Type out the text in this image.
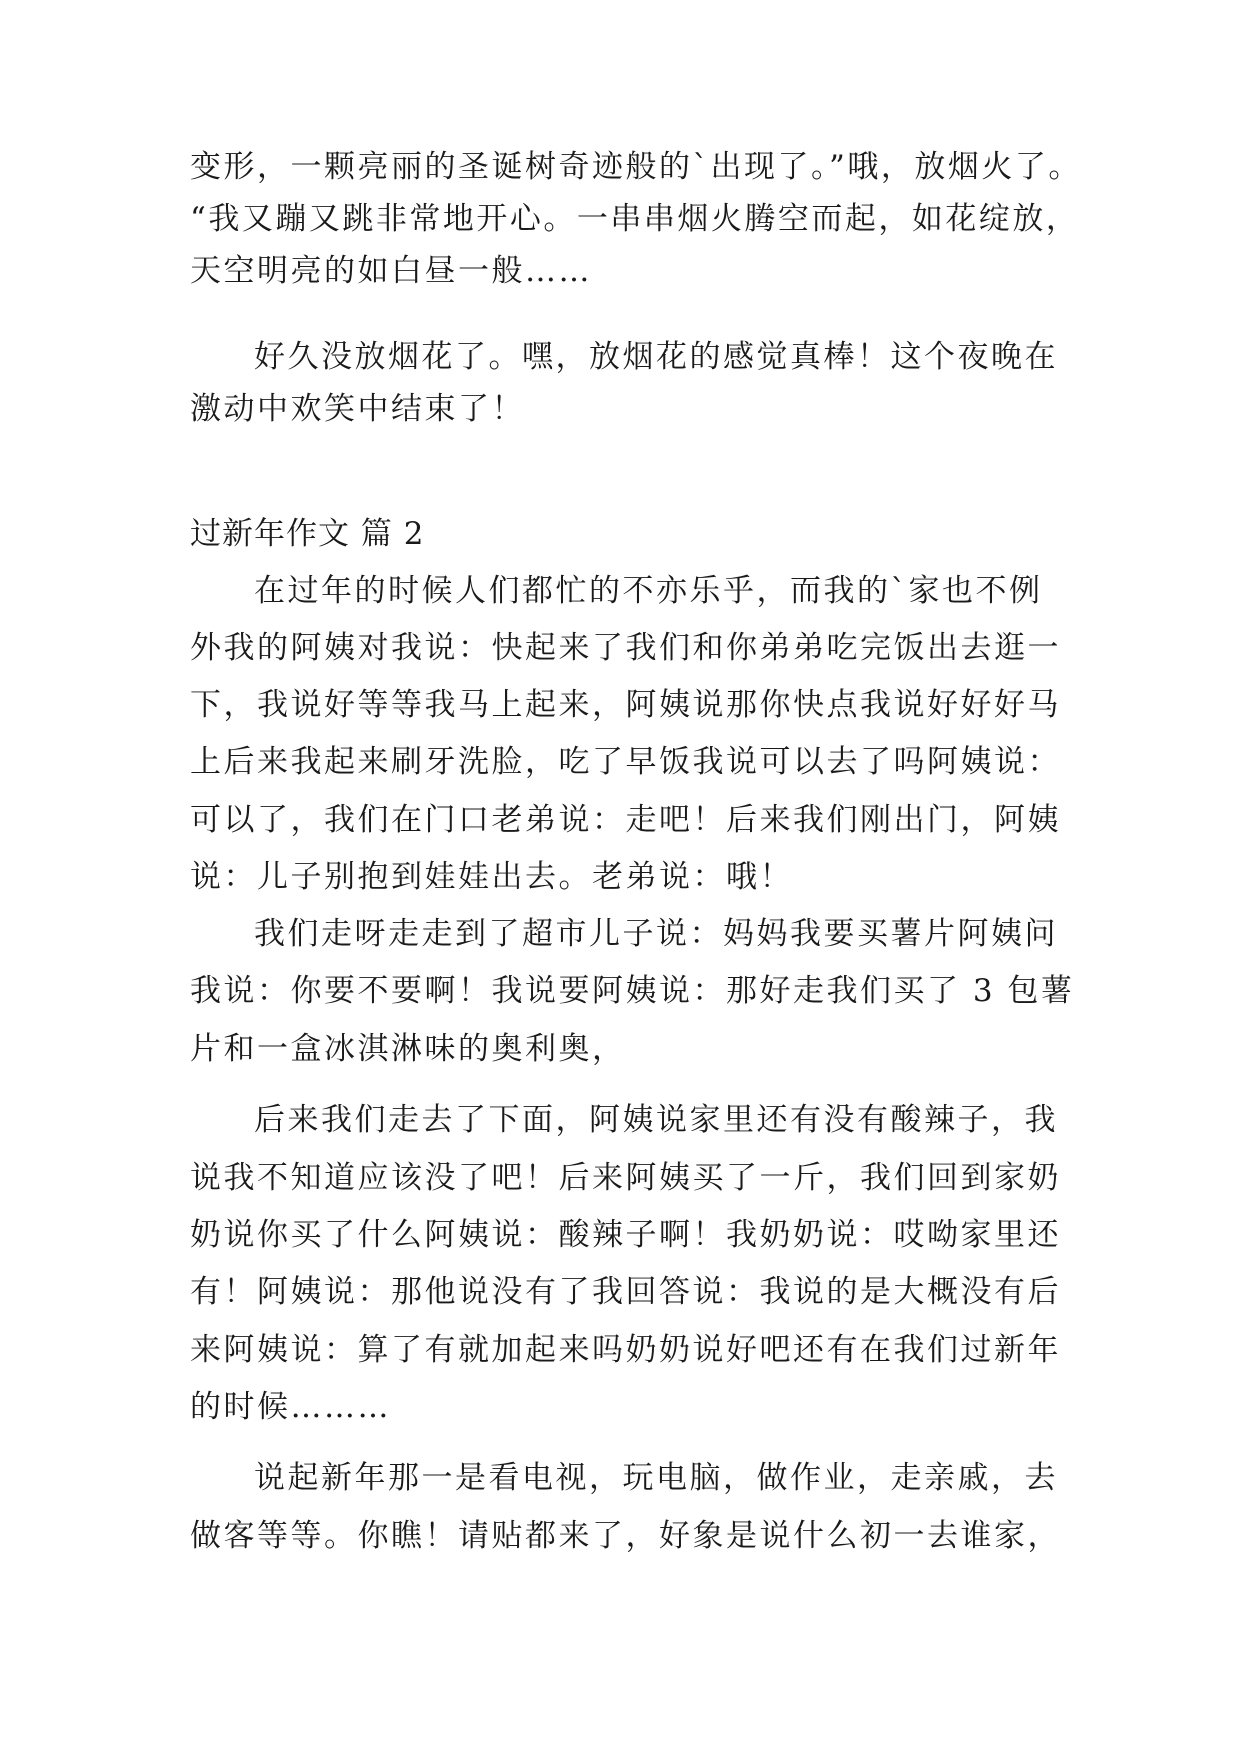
变形，一颗亮丽的圣诞树奇迹般的`出现了。”哦，放烟火了。
“我又蹦又跳非常地开心。一串串烟火腾空而起，如花绽放，
天空明亮的如白昼一般……
好久没放烟花了。嘿，放烟花的感觉真棒！这个夜晚在
激动中欢笑中结束了！
过新年作文 篇 2
在过年的时候人们都忙的不亦乐乎，而我的`家也不例
外我的阿姨对我说：快起来了我们和你弟弟吃完饭出去逛一
下，我说好等等我马上起来，阿姨说那你快点我说好好好马
上后来我起来刷牙洗脸，吃了早饭我说可以去了吗阿姨说：
可以了，我们在门口老弟说：走吧！后来我们刚出门，阿姨
说：儿子别抱到娃娃出去。老弟说：哦！
我们走呀走走到了超市儿子说：妈妈我要买薯片阿姨问
我说：你要不要啊！我说要阿姨说：那好走我们买了 3 包薯
片和一盒冰淇淋味的奥利奥，
后来我们走去了下面，阿姨说家里还有没有酸辣子，我
说我不知道应该没了吧！后来阿姨买了一斤，我们回到家奶
奶说你买了什么阿姨说：酸辣子啊！我奶奶说：哎呦家里还
有！阿姨说：那他说没有了我回答说：我说的是大概没有后
来阿姨说：算了有就加起来吗奶奶说好吧还有在我们过新年
的时候………
说起新年那一是看电视，玩电脑，做作业，走亲戚，去
做客等等。你瞧！请贴都来了，好象是说什么初一去谁家，
